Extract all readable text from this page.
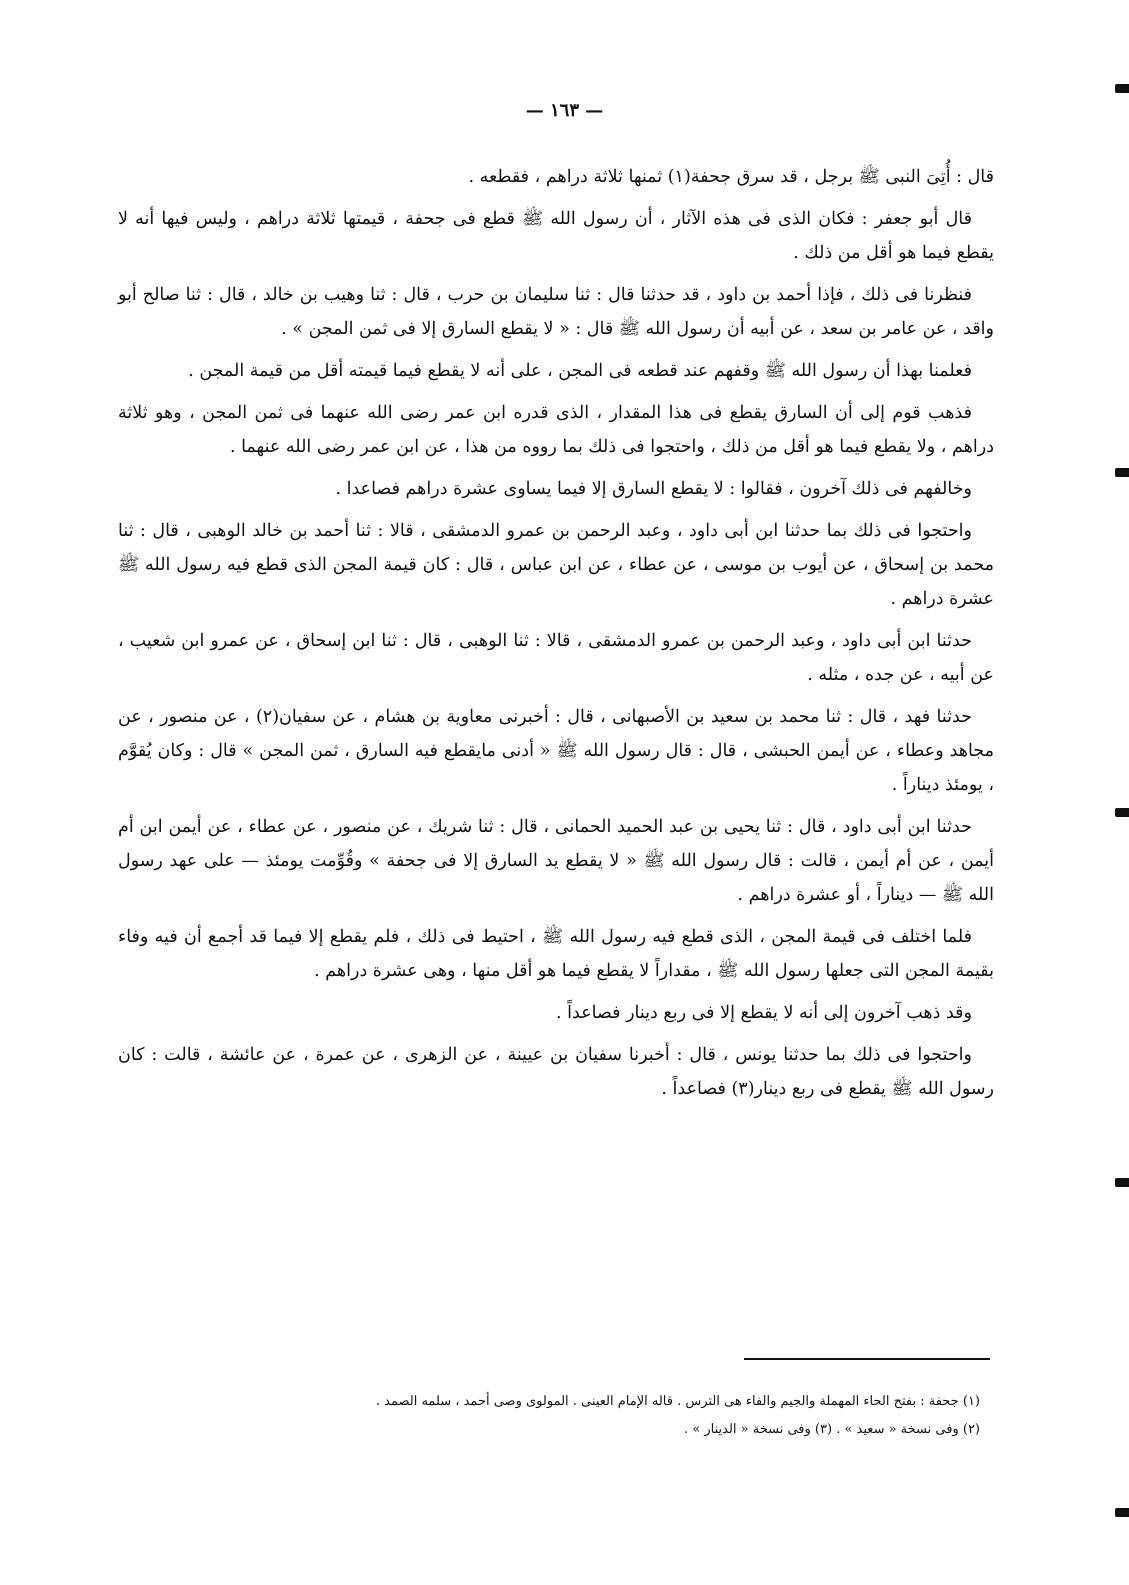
— ١٦٣ —

قال : أُتِىَ النبى ﷺ برجل ، قد سرق جحفة(١) ثمنها ثلاثة دراهم ، فقطعه .

قال أبو جعفر : فكان الذى فى هذه الآثار ، أن رسول الله ﷺ قطع فى جحفة ، قيمتها ثلاثة دراهم ، وليس فيها أنه لا يقطع فيما هو أقل من ذلك .

فنظرنا فى ذلك ، فإذا أحمد بن داود ، قد حدثنا قال : ثنا سليمان بن حرب ، قال : ثنا وهيب بن خالد ، قال : ثنا صالح أبو واقد ، عن عامر بن سعد ، عن أبيه أن رسول الله ﷺ قال : « لا يقطع السارق إلا فى ثمن المجن » .

فعلمنا بهذا أن رسول الله ﷺ وقفهم عند قطعه فى المجن ، على أنه لا يقطع فيما قيمته أقل من قيمة المجن .

فذهب قوم إلى أن السارق يقطع فى هذا المقدار ، الذى قدره ابن عمر رضى الله عنهما فى ثمن المجن ، وهو ثلاثة دراهم ، ولا يقطع فيما هو أقل من ذلك ، واحتجوا فى ذلك بما رووه من هذا ، عن ابن عمر رضى الله عنهما .

وخالفهم فى ذلك آخرون ، فقالوا : لا يقطع السارق إلا فيما يساوى عشرة دراهم فصاعدا .

واحتجوا فى ذلك بما حدثنا ابن أبى داود ، وعبد الرحمن بن عمرو الدمشقى ، قالا : ثنا أحمد بن خالد الوهبى ، قال : ثنا محمد بن إسحاق ، عن أيوب بن موسى ، عن عطاء ، عن ابن عباس ، قال : كان قيمة المجن الذى قطع فيه رسول الله ﷺ عشرة دراهم .

حدثنا ابن أبى داود ، وعبد الرحمن بن عمرو الدمشقى ، قالا : ثنا الوهبى ، قال : ثنا ابن إسحاق ، عن عمرو ابن شعيب ، عن أبيه ، عن جده ، مثله .

حدثنا فهد ، قال : ثنا محمد بن سعيد بن الأصبهانى ، قال : أخبرنى معاوية بن هشام ، عن سفيان(٢) ، عن منصور ، عن مجاهد وعطاء ، عن أيمن الحبشى ، قال : قال رسول الله ﷺ « أدنى مايقطع فيه السارق ، ثمن المجن » قال : وكان يُقوَّم ، يومئذ ديناراً .

حدثنا ابن أبى داود ، قال : ثنا يحيى بن عبد الحميد الحمانى ، قال : ثنا شريك ، عن منصور ، عن عطاء ، عن أيمن ابن أم أيمن ، عن أم أيمن ، قالت : قال رسول الله ﷺ « لا يقطع يد السارق إلا فى جحفة » وقُوِّمت يومئذ — على عهد رسول الله ﷺ — ديناراً ، أو عشرة دراهم .

فلما اختلف فى قيمة المجن ، الذى قطع فيه رسول الله ﷺ ، احتيط فى ذلك ، فلم يقطع إلا فيما قد أجمع أن فيه وفاء بقيمة المجن التى جعلها رسول الله ﷺ ، مقداراً لا يقطع فيما هو أقل منها ، وهى عشرة دراهم .

وقد ذهب آخرون إلى أنه لا يقطع إلا فى ربع دينار فصاعداً .

واحتجوا فى ذلك بما حدثنا يونس ، قال : أخبرنا سفيان بن عيينة ، عن الزهرى ، عن عمرة ، عن عائشة ، قالت : كان رسول الله ﷺ يقطع فى ربع دينار(٣) فصاعداً .

(١) جحفة : بفتح الحاء المهملة والجيم والفاء هى الترس . قاله الإمام العينى . المولوى وصى أحمد ، سلمه الصمد .

(٢) وفى نسخة « سعيد » . (٣) وفى نسخة « الدينار » .
